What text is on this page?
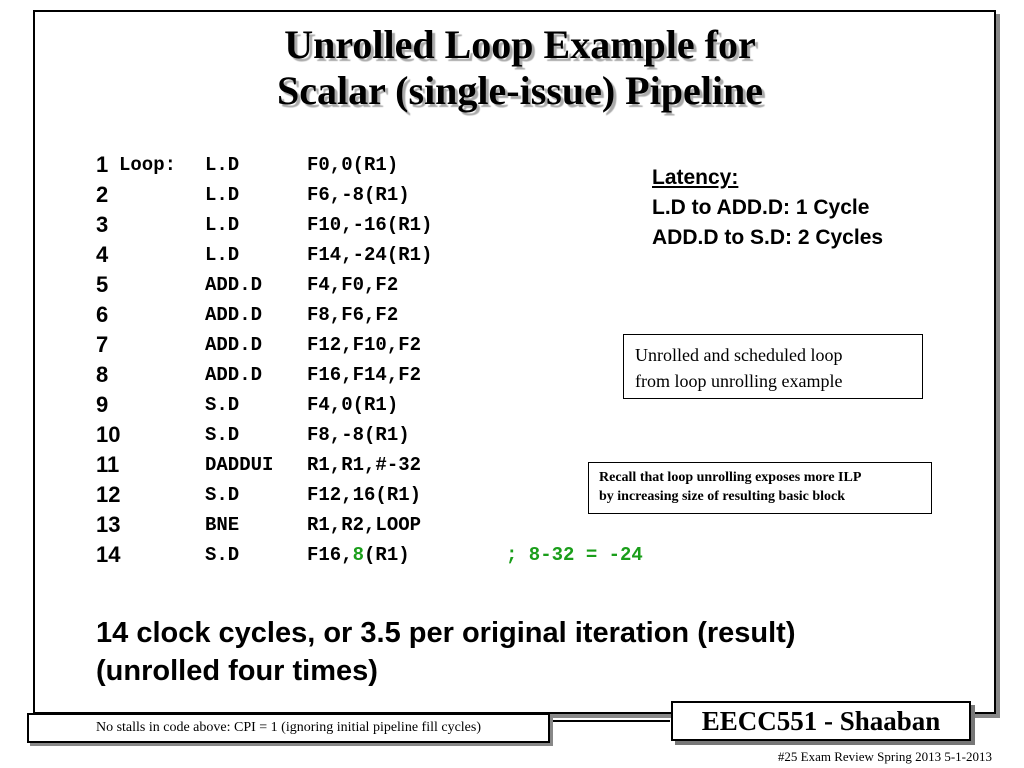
Unrolled Loop Example for
Scalar (single-issue) Pipeline
1 Loop: L.D	F0,0(R1)
2	L.D	F6,-8(R1)
3	L.D	F10,-16(R1)
4	L.D	F14,-24(R1)
5	ADD.D F4,F0,F2
6	ADD.D F8,F6,F2
7	ADD.D F12,F10,F2
8	ADD.D F16,F14,F2
9	S.D	F4,0(R1)
10	S.D	F8,-8(R1)
11	DADDUI R1,R1,#-32
12	S.D	F12,16(R1)
13	BNE	R1,R2,LOOP
14	S.D	F16,8(R1)	; 8-32 = -24
Latency:
L.D to ADD.D: 1 Cycle
ADD.D to S.D: 2 Cycles
Unrolled and scheduled loop
from loop unrolling example
Recall that loop unrolling exposes more ILP
by increasing size of resulting basic block
14 clock cycles, or 3.5 per original iteration (result)
(unrolled four times)
No stalls in code above: CPI = 1 (ignoring initial pipeline fill cycles)	EECC551 - Shaaban
#25 Exam Review Spring 2013 5-1-2013
